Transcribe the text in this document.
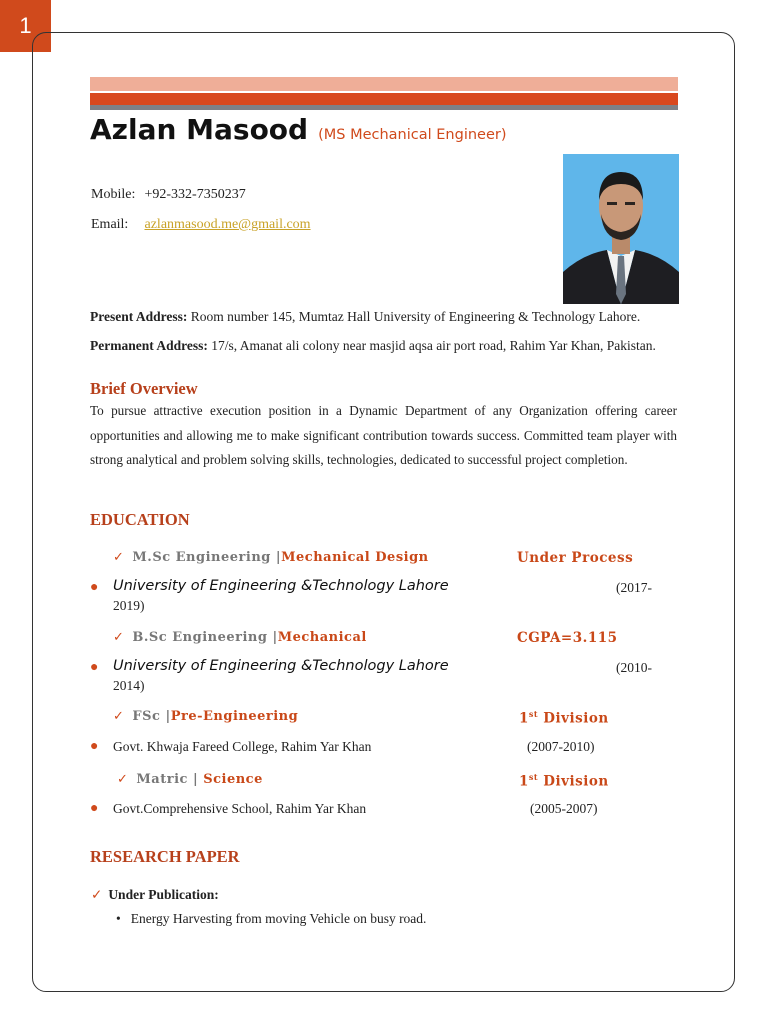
1
Azlan Masood (MS Mechanical Engineer)
Mobile: +92-332-7350237
Email: azlanmasood.me@gmail.com
Present Address: Room number 145, Mumtaz Hall University of Engineering & Technology Lahore.
Permanent Address: 17/s, Amanat ali colony near masjid aqsa air port road, Rahim Yar Khan, Pakistan.
Brief Overview
To pursue attractive execution position in a Dynamic Department of any Organization offering career opportunities and allowing me to make significant contribution towards success. Committed team player with strong analytical and problem solving skills, technologies, dedicated to successful project completion.
EDUCATION
✓ M.Sc Engineering |Mechanical Design	Under Process
● University of Engineering &Technology Lahore	(2017-
2019)
✓ B.Sc Engineering |Mechanical	CGPA=3.115
● University of Engineering &Technology Lahore	(2010-
2014)
✓ FSc |Pre-Engineering	1st Division
● Govt. Khwaja Fareed College, Rahim Yar Khan	(2007-2010)
✓ Matric | Science	1st Division
● Govt.Comprehensive School, Rahim Yar Khan	(2005-2007)
RESEARCH PAPER
✓ Under Publication:
• Energy Harvesting from moving Vehicle on busy road.
